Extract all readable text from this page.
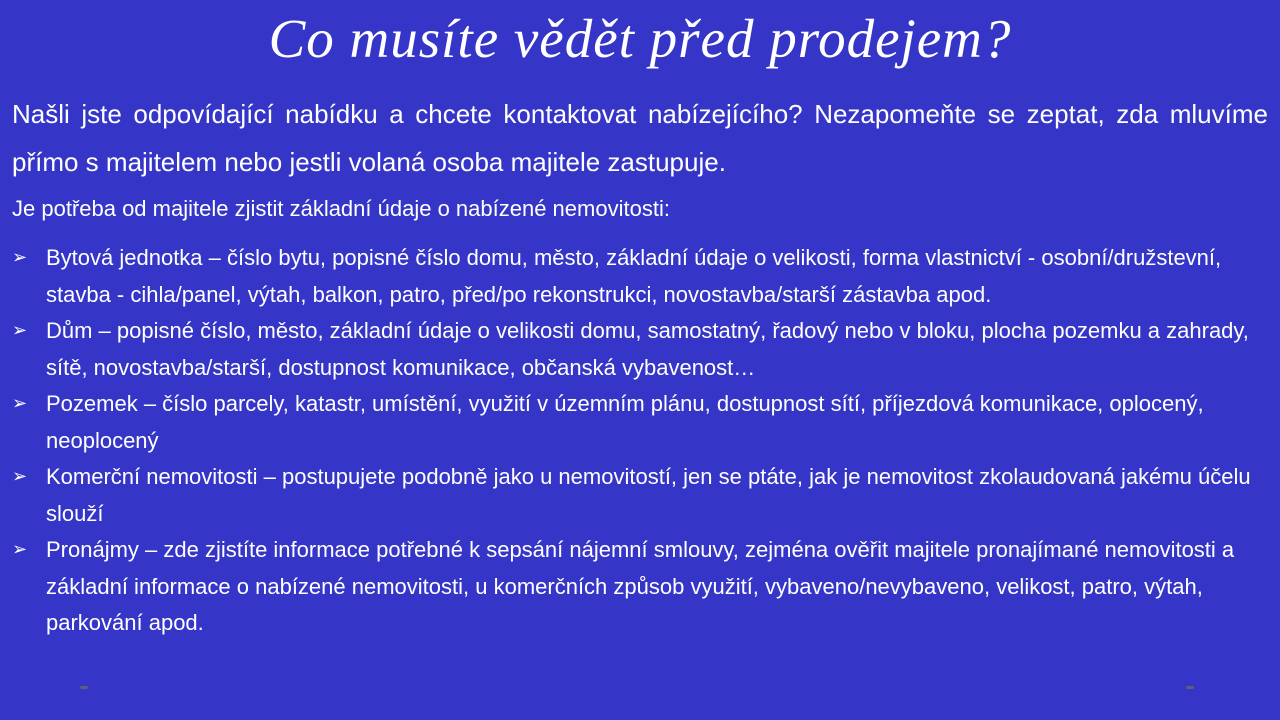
Co musíte vědět před prodejem?

Našli jste odpovídající nabídku a chcete kontaktovat nabízejícího? Nezapomeňte se zeptat, zda mluvíme přímo s majitelem nebo jestli volaná osoba majitele zastupuje.

Je potřeba od majitele zjistit základní údaje o nabízené nemovitosti:

➢ Bytová jednotka – číslo bytu, popisné číslo domu, město, základní údaje o velikosti, forma vlastnictví - osobní/družstevní, stavba - cihla/panel, výtah, balkon, patro, před/po rekonstrukci, novostavba/starší zástavba apod.
➢ Dům – popisné číslo, město, základní údaje o velikosti domu, samostatný, řadový nebo v bloku, plocha pozemku a zahrady, sítě, novostavba/starší, dostupnost komunikace, občanská vybavenost…
➢ Pozemek – číslo parcely, katastr, umístění, využití v územním plánu, dostupnost sítí, příjezdová komunikace, oplocený, neoplocený
➢ Komerční nemovitosti – postupujete podobně jako u nemovitostí, jen se ptáte, jak je nemovitost zkolaudovaná jakému účelu slouží
➢ Pronájmy – zde zjistíte informace potřebné k sepsání nájemní smlouvy, zejména ověřit majitele pronajímané nemovitosti a základní informace o nabízené nemovitosti, u komerčních způsob využití, vybaveno/nevybaveno, velikost, patro, výtah, parkování apod.
